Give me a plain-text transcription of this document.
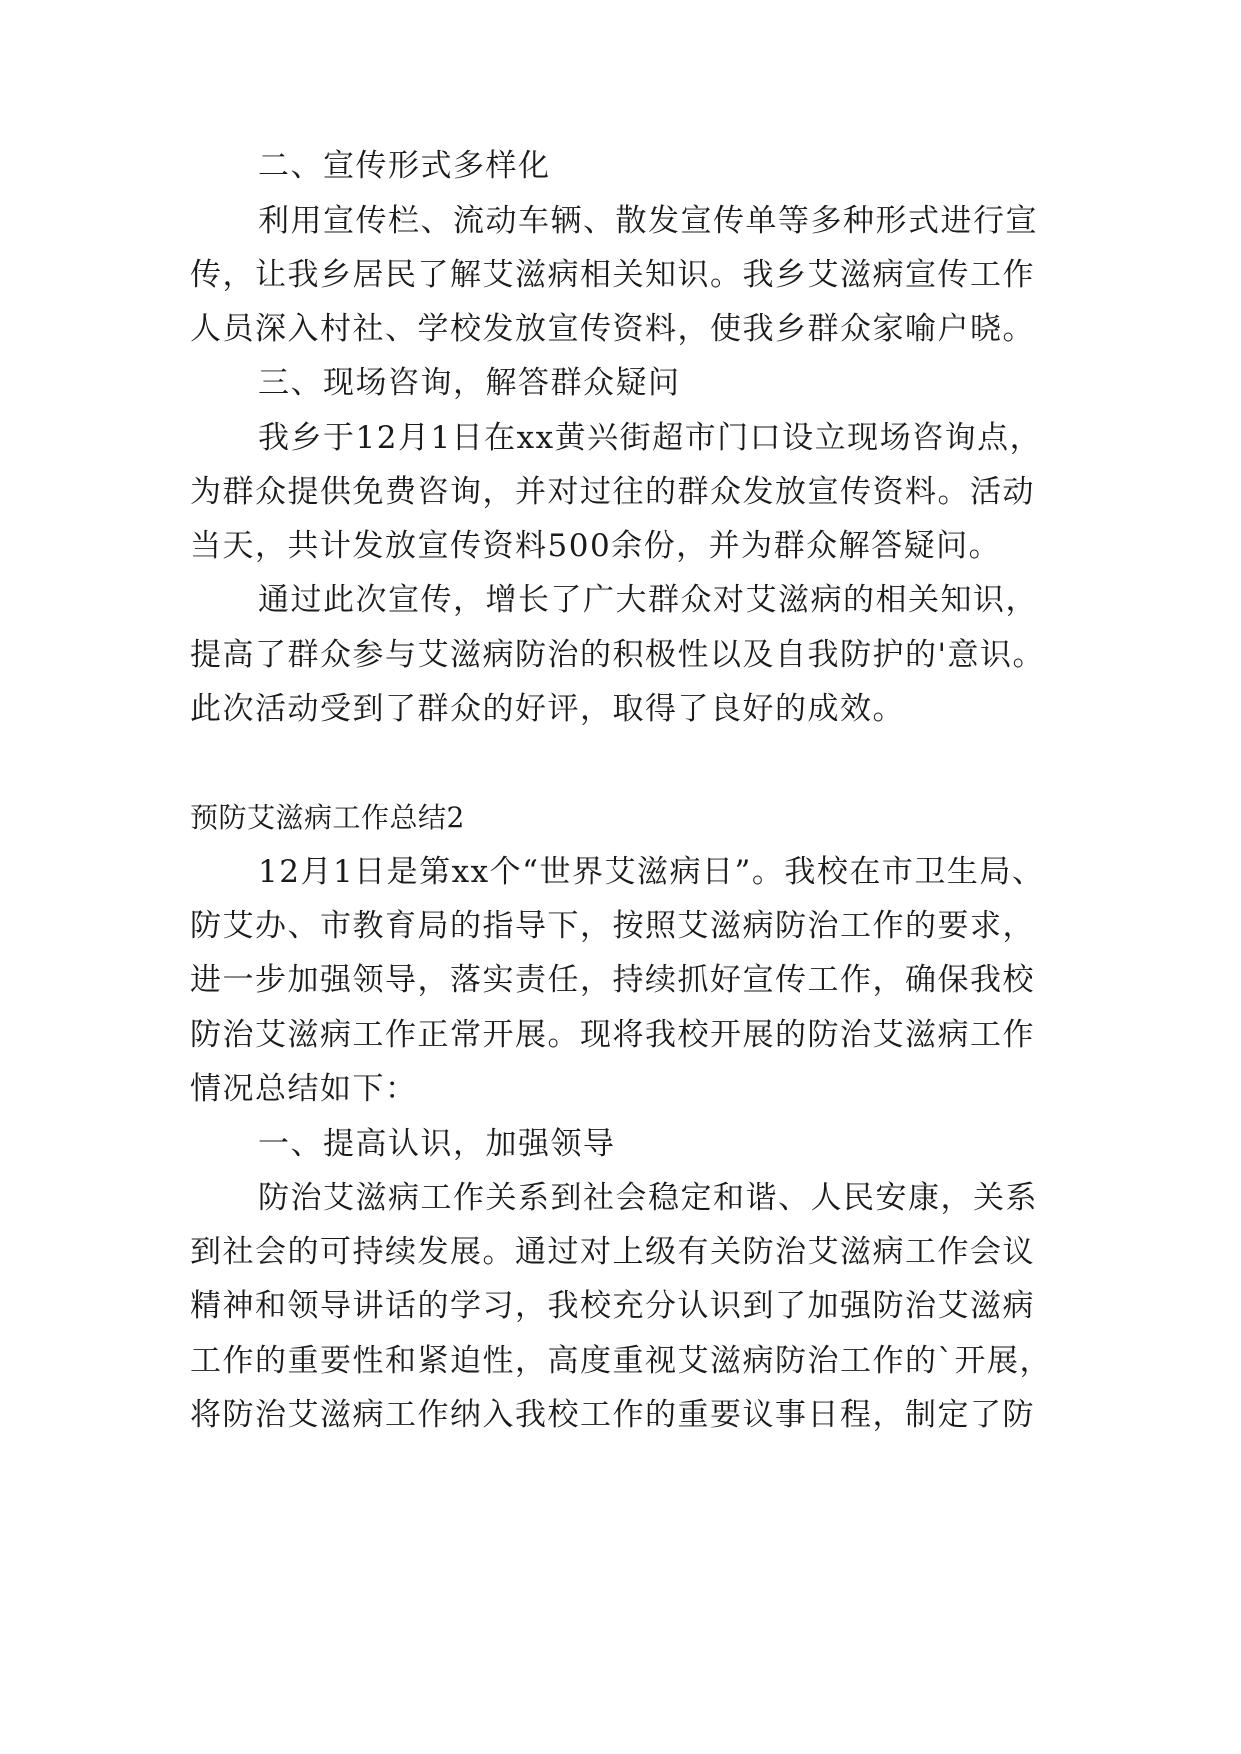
二、宣传形式多样化
利用宣传栏、流动车辆、散发宣传单等多种形式进行宣
传，让我乡居民了解艾滋病相关知识。我乡艾滋病宣传工作
人员深入村社、学校发放宣传资料，使我乡群众家喻户晓。
三、现场咨询，解答群众疑问
我乡于12月1日在xx黄兴街超市门口设立现场咨询点，
为群众提供免费咨询，并对过往的群众发放宣传资料。活动
当天，共计发放宣传资料500余份，并为群众解答疑问。
通过此次宣传，增长了广大群众对艾滋病的相关知识，
提高了群众参与艾滋病防治的积极性以及自我防护的'意识。
此次活动受到了群众的好评，取得了良好的成效。
预防艾滋病工作总结2
12月1日是第xx个“世界艾滋病日”。我校在市卫生局、
防艾办、市教育局的指导下，按照艾滋病防治工作的要求，
进一步加强领导，落实责任，持续抓好宣传工作，确保我校
防治艾滋病工作正常开展。现将我校开展的防治艾滋病工作
情况总结如下：
一、提高认识，加强领导
防治艾滋病工作关系到社会稳定和谐、人民安康，关系
到社会的可持续发展。通过对上级有关防治艾滋病工作会议
精神和领导讲话的学习，我校充分认识到了加强防治艾滋病
工作的重要性和紧迫性，高度重视艾滋病防治工作的`开展，
将防治艾滋病工作纳入我校工作的重要议事日程，制定了防
